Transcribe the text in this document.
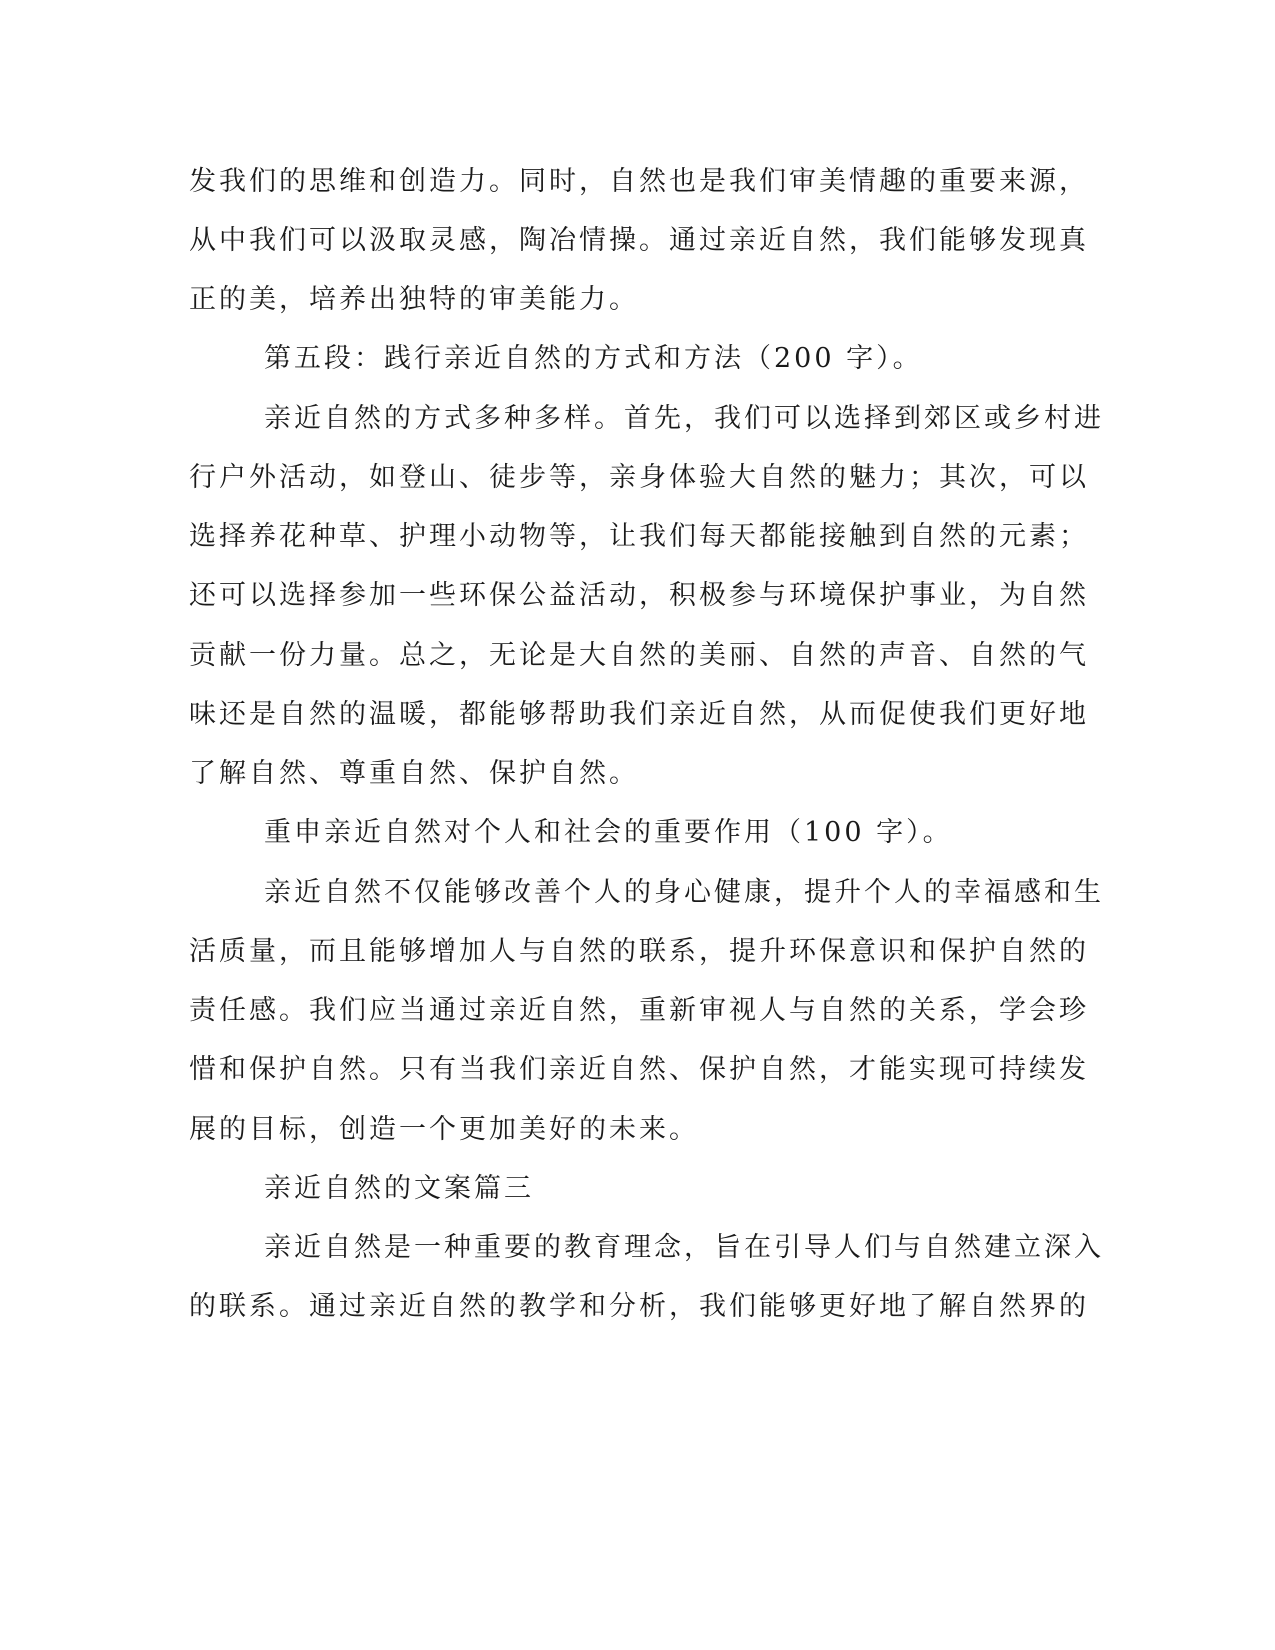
发我们的思维和创造力。同时，自然也是我们审美情趣的重要来源，
从中我们可以汲取灵感，陶冶情操。通过亲近自然，我们能够发现真
正的美，培养出独特的审美能力。
第五段：践行亲近自然的方式和方法（200 字）。
亲近自然的方式多种多样。首先，我们可以选择到郊区或乡村进
行户外活动，如登山、徒步等，亲身体验大自然的魅力；其次，可以
选择养花种草、护理小动物等，让我们每天都能接触到自然的元素；
还可以选择参加一些环保公益活动，积极参与环境保护事业，为自然
贡献一份力量。总之，无论是大自然的美丽、自然的声音、自然的气
味还是自然的温暖，都能够帮助我们亲近自然，从而促使我们更好地
了解自然、尊重自然、保护自然。
重申亲近自然对个人和社会的重要作用（100 字）。
亲近自然不仅能够改善个人的身心健康，提升个人的幸福感和生
活质量，而且能够增加人与自然的联系，提升环保意识和保护自然的
责任感。我们应当通过亲近自然，重新审视人与自然的关系，学会珍
惜和保护自然。只有当我们亲近自然、保护自然，才能实现可持续发
展的目标，创造一个更加美好的未来。
亲近自然的文案篇三
亲近自然是一种重要的教育理念，旨在引导人们与自然建立深入
的联系。通过亲近自然的教学和分析，我们能够更好地了解自然界的
